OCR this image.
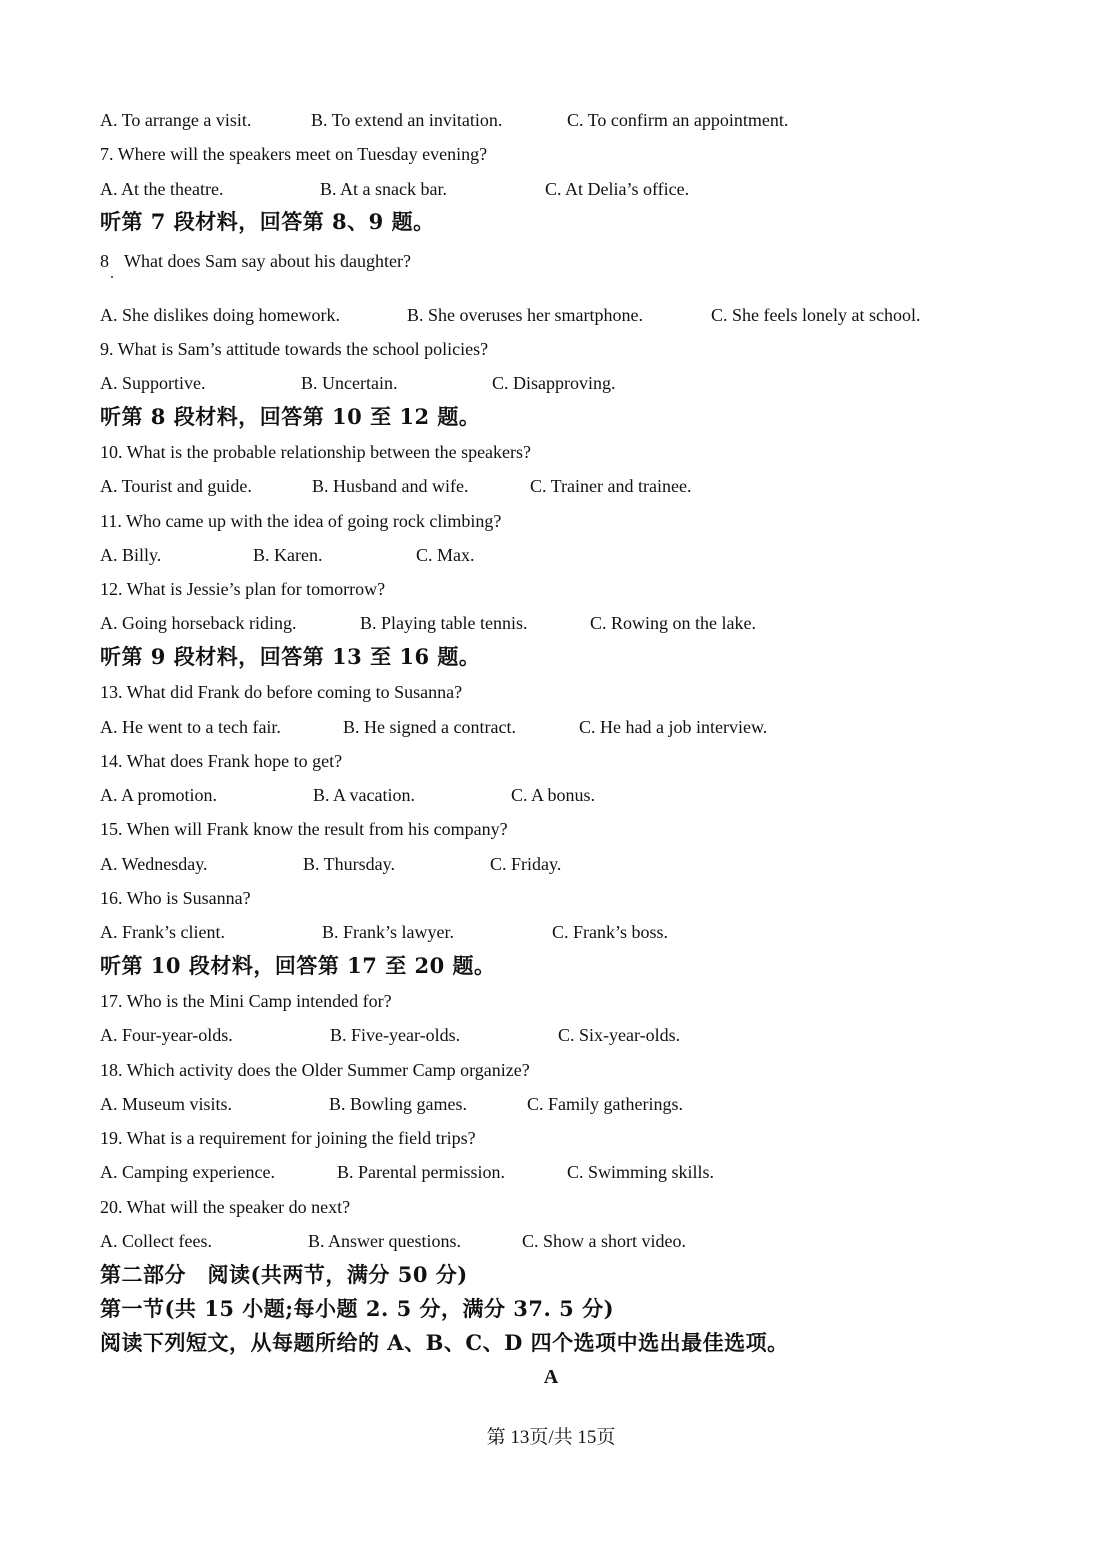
A. To arrange a visit.	B. To extend an invitation.	C. To confirm an appointment.
7. Where will the speakers meet on Tuesday evening?
A. At the theatre.	B. At a snack bar.	C. At Delia’s office.
听第 7 段材料，回答第 8、9 题。
8 What does Sam say about his daughter?
A. She dislikes doing homework.	B. She overuses her smartphone.	C. She feels lonely at school.
9. What is Sam’s attitude towards the school policies?
A. Supportive.	B. Uncertain.	C. Disapproving.
听第 8 段材料，回答第 10 至 12 题。
10. What is the probable relationship between the speakers?
A. Tourist and guide.	B. Husband and wife.	C. Trainer and trainee.
11. Who came up with the idea of going rock climbing?
A. Billy.	B. Karen.	C. Max.
12. What is Jessie’s plan for tomorrow?
A. Going horseback riding.	B. Playing table tennis.	C. Rowing on the lake.
听第 9 段材料，回答第 13 至 16 题。
13. What did Frank do before coming to Susanna?
A. He went to a tech fair.	B. He signed a contract.	C. He had a job interview.
14. What does Frank hope to get?
A. A promotion.	B. A vacation.	C. A bonus.
15. When will Frank know the result from his company?
A. Wednesday.	B. Thursday.	C. Friday.
16. Who is Susanna?
A. Frank’s client.	B. Frank’s lawyer.	C. Frank’s boss.
听第 10 段材料，回答第 17 至 20 题。
17. Who is the Mini Camp intended for?
A. Four-year-olds.	B. Five-year-olds.	C. Six-year-olds.
18. Which activity does the Older Summer Camp organize?
A. Museum visits.	B. Bowling games.	C. Family gatherings.
19. What is a requirement for joining the field trips?
A. Camping experience.	B. Parental permission.	C. Swimming skills.
20. What will the speaker do next?
A. Collect fees.	B. Answer questions.	C. Show a short video.
第二部分　阅读(共两节，满分 50 分)
第一节(共 15 小题;每小题 2. 5 分，满分 37. 5 分)
阅读下列短文，从每题所给的 A、B、C、D 四个选项中选出最佳选项。
A
第 13页/共 15页
